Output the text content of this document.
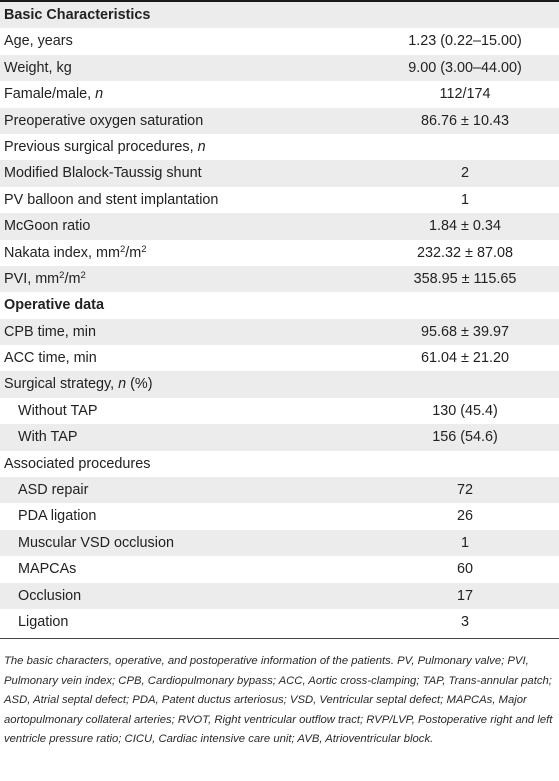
Basic Characteristics
Age, years	1.23 (0.22–15.00)
Weight, kg	9.00 (3.00–44.00)
Famale/male, n	112/174
Preoperative oxygen saturation	86.76 ± 10.43
Previous surgical procedures, n
Modified Blalock-Taussig shunt	2
PV balloon and stent implantation	1
McGoon ratio	1.84 ± 0.34
Nakata index, $mm^2/m^2$	232.32 ± 87.08
PVI, $mm^2/m^2$	358.95 ± 115.65
Operative data
CPB time, min	95.68 ± 39.97
ACC time, min	61.04 ± 21.20
Surgical strategy, n (%)
Without TAP	130 (45.4)
With TAP	156 (54.6)
Associated procedures
ASD repair	72
PDA ligation	26
Muscular VSD occlusion	1
MAPCAs	60
Occlusion	17
Ligation	3
The basic characters, operative, and postoperative information of the patients. PV, Pulmonary valve; PVI, Pulmonary vein index; CPB, Cardiopulmonary bypass; ACC, Aortic cross-clamping; TAP, Trans-annular patch; ASD, Atrial septal defect; PDA, Patent ductus arteriosus; VSD, Ventricular septal defect; MAPCAs, Major aortopulmonary collateral arteries; RVOT, Right ventricular outflow tract; RVP/LVP, Postoperative right and left ventricle pressure ratio; CICU, Cardiac intensive care unit; AVB, Atrioventricular block.
